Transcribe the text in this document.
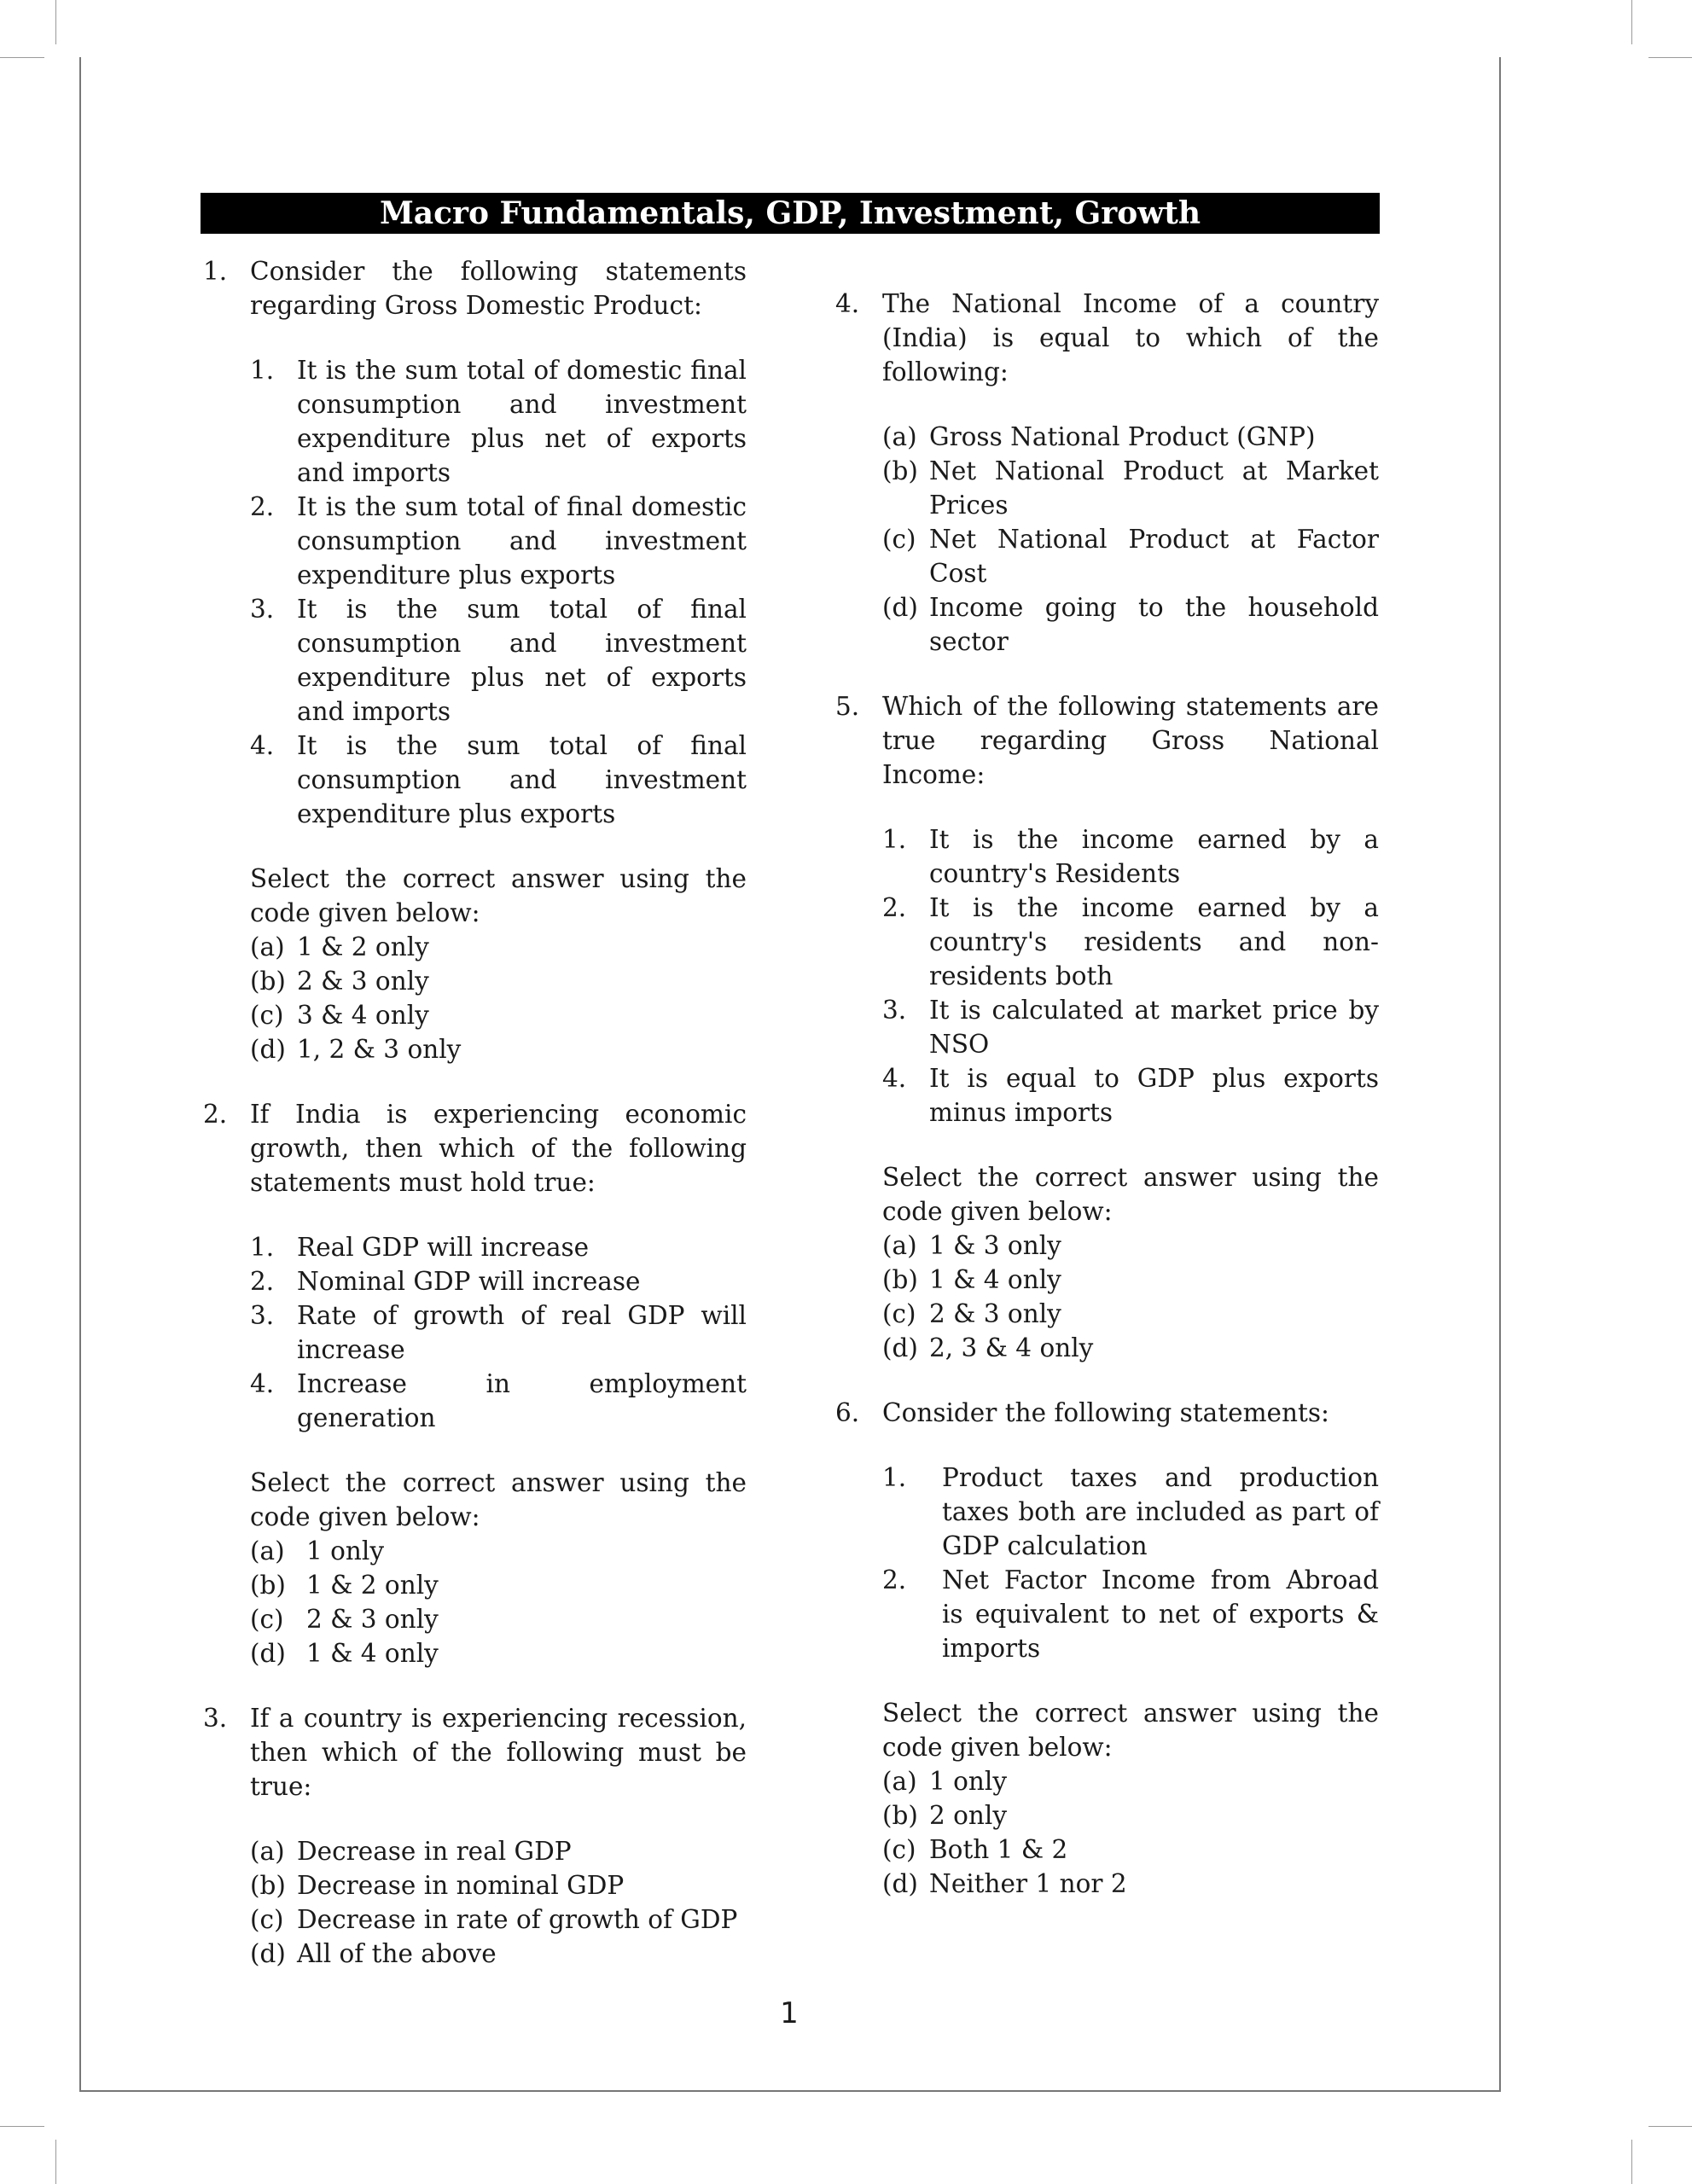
Macro Fundamentals, GDP, Investment, Growth
1. Consider the following statements regarding Gross Domestic Product:
1. It is the sum total of domestic final consumption and investment expenditure plus net of exports and imports
2. It is the sum total of final domestic consumption and investment expenditure plus exports
3. It is the sum total of final consumption and investment expenditure plus net of exports and imports
4. It is the sum total of final consumption and investment expenditure plus exports
Select the correct answer using the code given below:
(a) 1 & 2 only
(b) 2 & 3 only
(c) 3 & 4 only
(d) 1, 2 & 3 only
2. If India is experiencing economic growth, then which of the following statements must hold true:
1. Real GDP will increase
2. Nominal GDP will increase
3. Rate of growth of real GDP will increase
4. Increase in employment generation
Select the correct answer using the code given below:
(a) 1 only
(b) 1 & 2 only
(c) 2 & 3 only
(d) 1 & 4 only
3. If a country is experiencing recession, then which of the following must be true:
(a) Decrease in real GDP
(b) Decrease in nominal GDP
(c) Decrease in rate of growth of GDP
(d) All of the above
4. The National Income of a country (India) is equal to which of the following:
(a) Gross National Product (GNP)
(b) Net National Product at Market Prices
(c) Net National Product at Factor Cost
(d) Income going to the household sector
5. Which of the following statements are true regarding Gross National Income:
1. It is the income earned by a country's Residents
2. It is the income earned by a country's residents and non-residents both
3. It is calculated at market price by NSO
4. It is equal to GDP plus exports minus imports
Select the correct answer using the code given below:
(a) 1 & 3 only
(b) 1 & 4 only
(c) 2 & 3 only
(d) 2, 3 & 4 only
6. Consider the following statements:
1.	Product taxes and production taxes both are included as part of GDP calculation
2.	Net Factor Income from Abroad is equivalent to net of exports & imports
Select the correct answer using the code given below:
(a) 1 only
(b) 2 only
(c) Both 1 & 2
(d) Neither 1 nor 2
1
